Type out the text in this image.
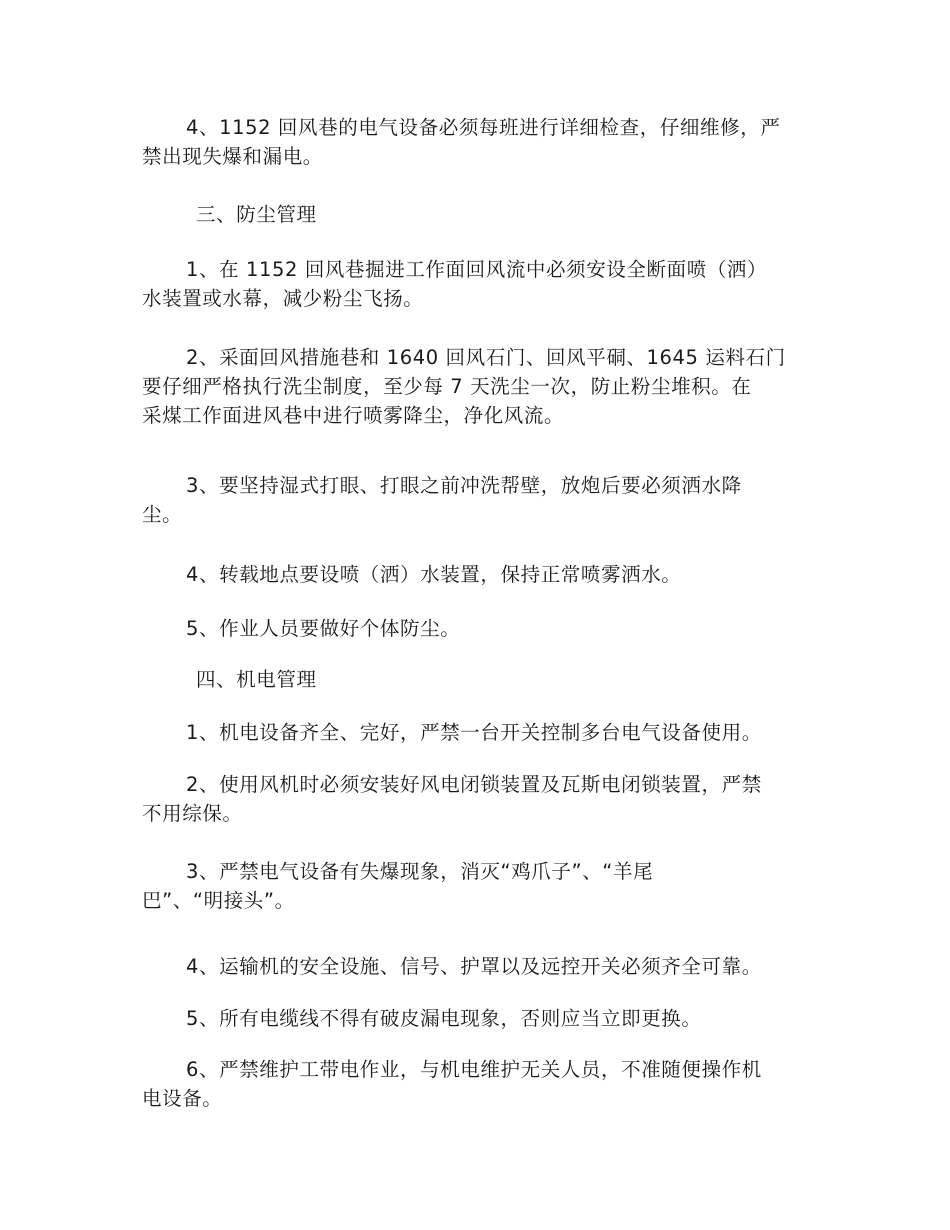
4、1152 回风巷的电气设备必须每班进行详细检查，仔细维修，严
禁出现失爆和漏电。
三、防尘管理
1、在 1152 回风巷掘进工作面回风流中必须安设全断面喷（洒）
水装置或水幕，减少粉尘飞扬。
2、采面回风措施巷和 1640 回风石门、回风平硐、1645 运料石门
要仔细严格执行洗尘制度，至少每 7 天洗尘一次，防止粉尘堆积。在
采煤工作面进风巷中进行喷雾降尘，净化风流。
3、要坚持湿式打眼、打眼之前冲洗帮壁，放炮后要必须洒水降
尘。
4、转载地点要设喷（洒）水装置，保持正常喷雾洒水。
5、作业人员要做好个体防尘。
四、机电管理
1、机电设备齐全、完好，严禁一台开关控制多台电气设备使用。
2、使用风机时必须安装好风电闭锁装置及瓦斯电闭锁装置，严禁
不用综保。
3、严禁电气设备有失爆现象，消灭“鸡爪子”、“羊尾
巴”、“明接头”。
4、运输机的安全设施、信号、护罩以及远控开关必须齐全可靠。
5、所有电缆线不得有破皮漏电现象，否则应当立即更换。
6、严禁维护工带电作业，与机电维护无关人员，不准随便操作机
电设备。
